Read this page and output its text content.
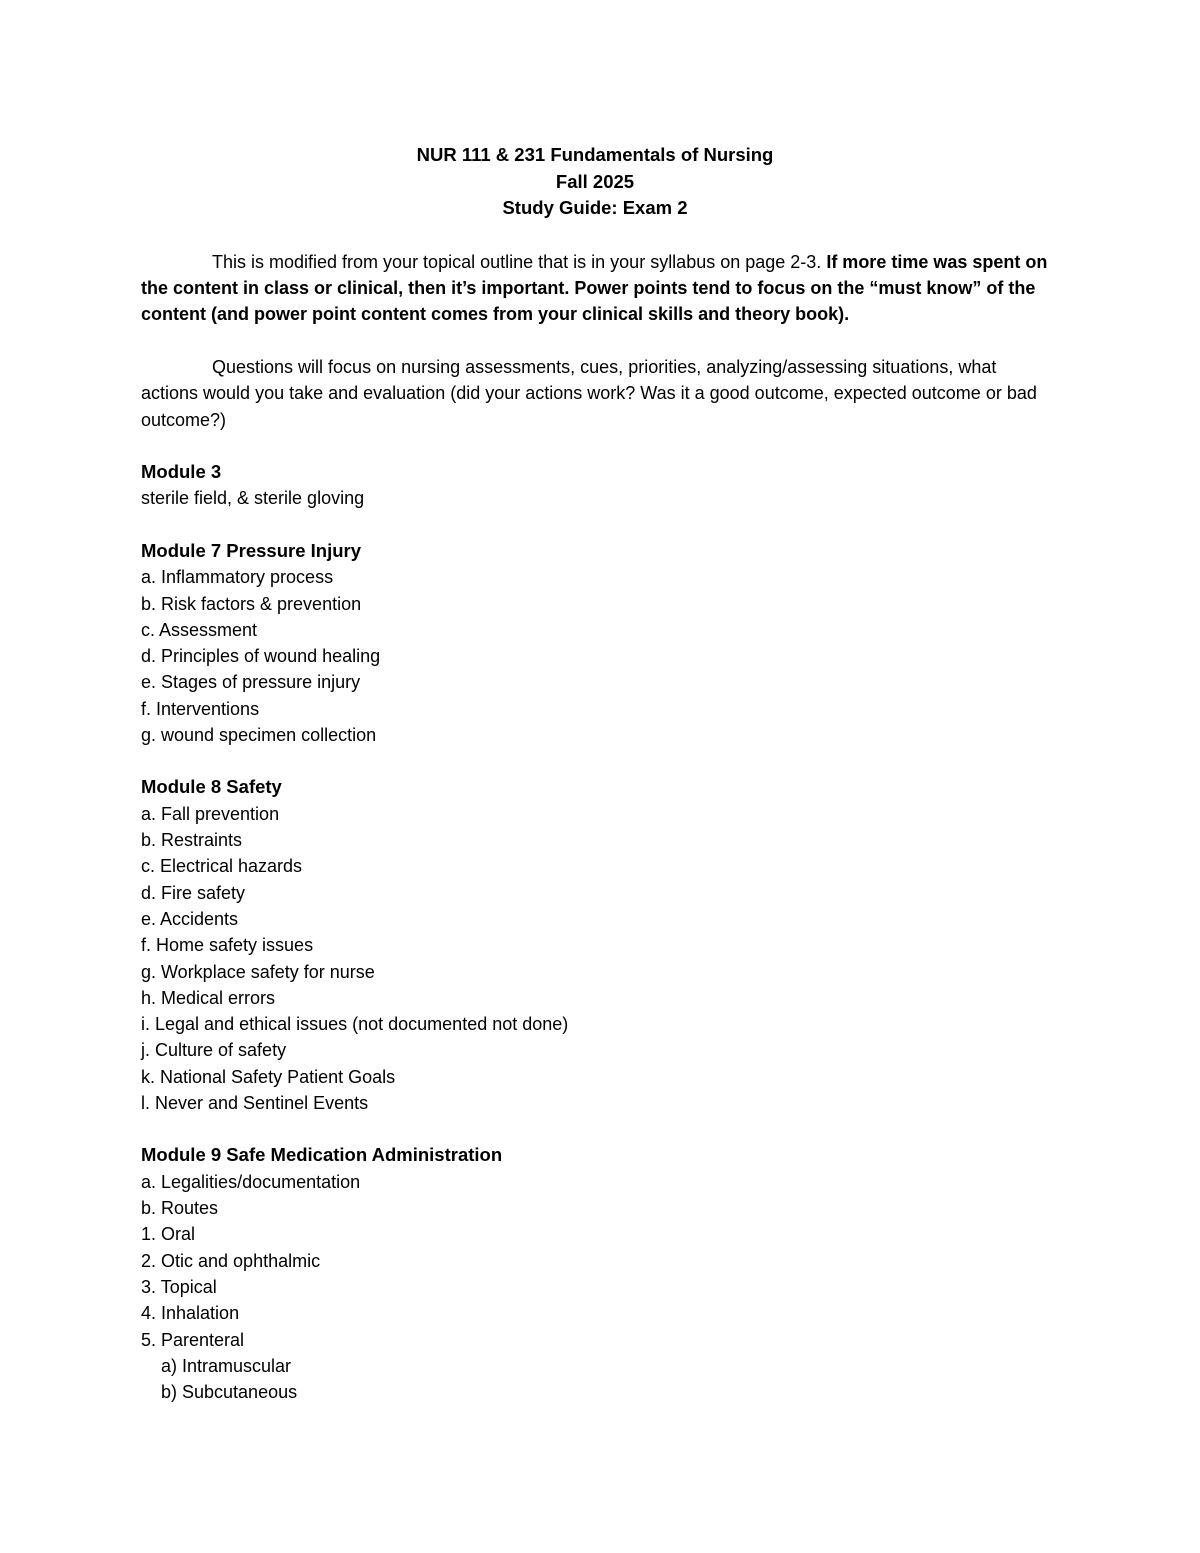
NUR 111 & 231 Fundamentals of Nursing
Fall 2025
Study Guide: Exam 2
This is modified from your topical outline that is in your syllabus on page 2-3. If more time was spent on the content in class or clinical, then it’s important. Power points tend to focus on the “must know” of the content (and power point content comes from your clinical skills and theory book).
Questions will focus on nursing assessments, cues, priorities, analyzing/assessing situations, what actions would you take and evaluation (did your actions work? Was it a good outcome, expected outcome or bad outcome?)
Module 3
sterile field, & sterile gloving
Module 7 Pressure Injury
a. Inflammatory process
b. Risk factors & prevention
c. Assessment
d. Principles of wound healing
e. Stages of pressure injury
f. Interventions
g. wound specimen collection
Module 8 Safety
a. Fall prevention
b. Restraints
c. Electrical hazards
d. Fire safety
e. Accidents
f. Home safety issues
g. Workplace safety for nurse
h. Medical errors
i. Legal and ethical issues (not documented not done)
j. Culture of safety
k. National Safety Patient Goals
l. Never and Sentinel Events
Module 9 Safe Medication Administration
a. Legalities/documentation
b. Routes
1. Oral
2. Otic and ophthalmic
3. Topical
4. Inhalation
5. Parenteral
a) Intramuscular
b) Subcutaneous
